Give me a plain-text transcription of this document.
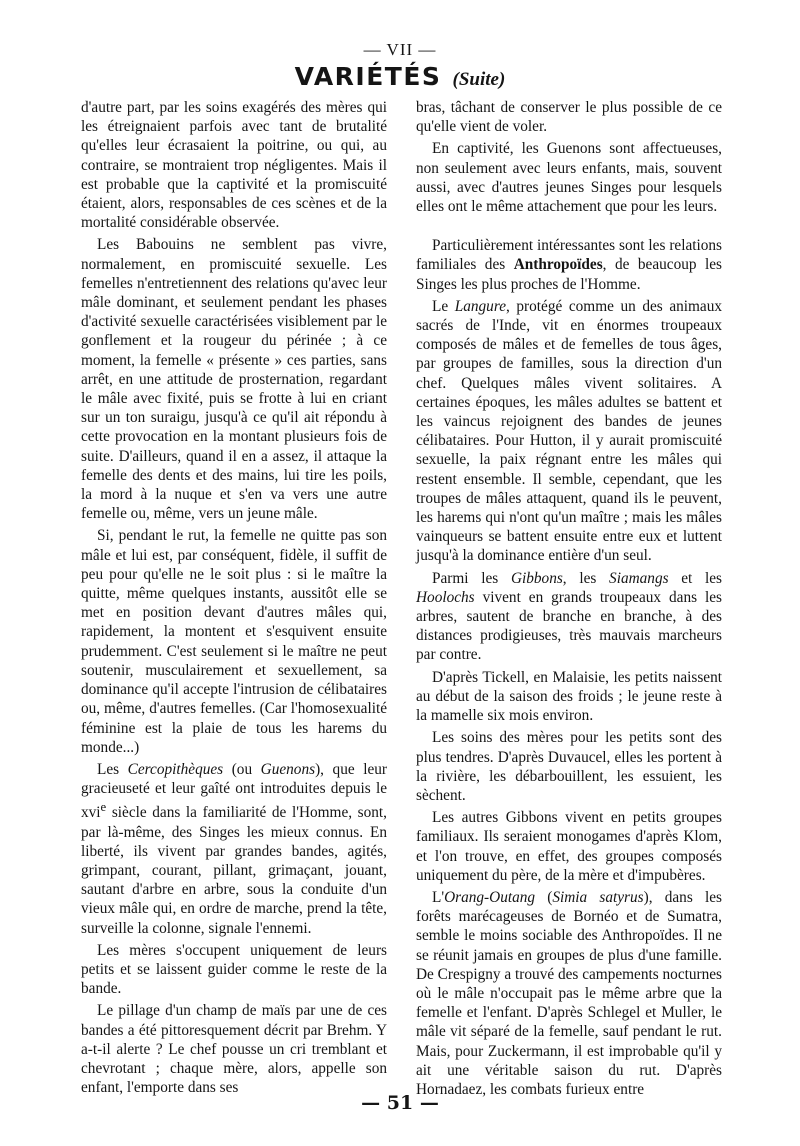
— VII —
VARIÉTÉS (Suite)

d'autre part, par les soins exagérés des mères qui les étreignaient parfois avec tant de brutalité qu'elles leur écrasaient la poitrine, ou qui, au contraire, se montraient trop négligentes. Mais il est probable que la captivité et la promiscuité étaient, alors, responsables de ces scènes et de la mortalité considérable observée.

Les Babouins ne semblent pas vivre, normalement, en promiscuité sexuelle. Les femelles n'entretiennent des relations qu'avec leur mâle dominant, et seulement pendant les phases d'activité sexuelle caractérisées visiblement par le gonflement et la rougeur du périnée ; à ce moment, la femelle « présente » ces parties, sans arrêt, en une attitude de prosternation, regardant le mâle avec fixité, puis se frotte à lui en criant sur un ton suraigu, jusqu'à ce qu'il ait répondu à cette provocation en la montant plusieurs fois de suite. D'ailleurs, quand il en a assez, il attaque la femelle des dents et des mains, lui tire les poils, la mord à la nuque et s'en va vers une autre femelle ou, même, vers un jeune mâle.

Si, pendant le rut, la femelle ne quitte pas son mâle et lui est, par conséquent, fidèle, il suffit de peu pour qu'elle ne le soit plus : si le maître la quitte, même quelques instants, aussitôt elle se met en position devant d'autres mâles qui, rapidement, la montent et s'esquivent ensuite prudemment. C'est seulement si le maître ne peut soutenir, musculairement et sexuellement, sa dominance qu'il accepte l'intrusion de célibataires ou, même, d'autres femelles. (Car l'homosexualité féminine est la plaie de tous les harems du monde...)

Les Cercopithèques (ou Guenons), que leur gracieuseté et leur gaîté ont introduites depuis le xvi$^e$ siècle dans la familiarité de l'Homme, sont, par là-même, des Singes les mieux connus. En liberté, ils vivent par grandes bandes, agités, grimpant, courant, pillant, grimaçant, jouant, sautant d'arbre en arbre, sous la conduite d'un vieux mâle qui, en ordre de marche, prend la tête, surveille la colonne, signale l'ennemi.

Les mères s'occupent uniquement de leurs petits et se laissent guider comme le reste de la bande.

Le pillage d'un champ de maïs par une de ces bandes a été pittoresquement décrit par Brehm. Y a-t-il alerte ? Le chef pousse un cri tremblant et chevrotant ; chaque mère, alors, appelle son enfant, l'emporte dans ses

bras, tâchant de conserver le plus possible de ce qu'elle vient de voler.

En captivité, les Guenons sont affectueuses, non seulement avec leurs enfants, mais, souvent aussi, avec d'autres jeunes Singes pour lesquels elles ont le même attachement que pour les leurs.

Particulièrement intéressantes sont les relations familiales des Anthropoïdes, de beaucoup les Singes les plus proches de l'Homme.

Le Langure, protégé comme un des animaux sacrés de l'Inde, vit en énormes troupeaux composés de mâles et de femelles de tous âges, par groupes de familles, sous la direction d'un chef. Quelques mâles vivent solitaires. A certaines époques, les mâles adultes se battent et les vaincus rejoignent des bandes de jeunes célibataires. Pour Hutton, il y aurait promiscuité sexuelle, la paix régnant entre les mâles qui restent ensemble. Il semble, cependant, que les troupes de mâles attaquent, quand ils le peuvent, les harems qui n'ont qu'un maître ; mais les mâles vainqueurs se battent ensuite entre eux et luttent jusqu'à la dominance entière d'un seul.

Parmi les Gibbons, les Siamangs et les Hoolochs vivent en grands troupeaux dans les arbres, sautent de branche en branche, à des distances prodigieuses, très mauvais marcheurs par contre.

D'après Tickell, en Malaisie, les petits naissent au début de la saison des froids ; le jeune reste à la mamelle six mois environ.

Les soins des mères pour les petits sont des plus tendres. D'après Duvaucel, elles les portent à la rivière, les débarbouillent, les essuient, les sèchent.

Les autres Gibbons vivent en petits groupes familiaux. Ils seraient monogames d'après Klom, et l'on trouve, en effet, des groupes composés uniquement du père, de la mère et d'impubères.

L'Orang-Outang (Simia satyrus), dans les forêts marécageuses de Bornéo et de Sumatra, semble le moins sociable des Anthropoïdes. Il ne se réunit jamais en groupes de plus d'une famille. De Crespigny a trouvé des campements nocturnes où le mâle n'occupait pas le même arbre que la femelle et l'enfant. D'après Schlegel et Muller, le mâle vit séparé de la femelle, sauf pendant le rut. Mais, pour Zuckermann, il est improbable qu'il y ait une véritable saison du rut. D'après Hornadaez, les combats furieux entre

— 51 —
